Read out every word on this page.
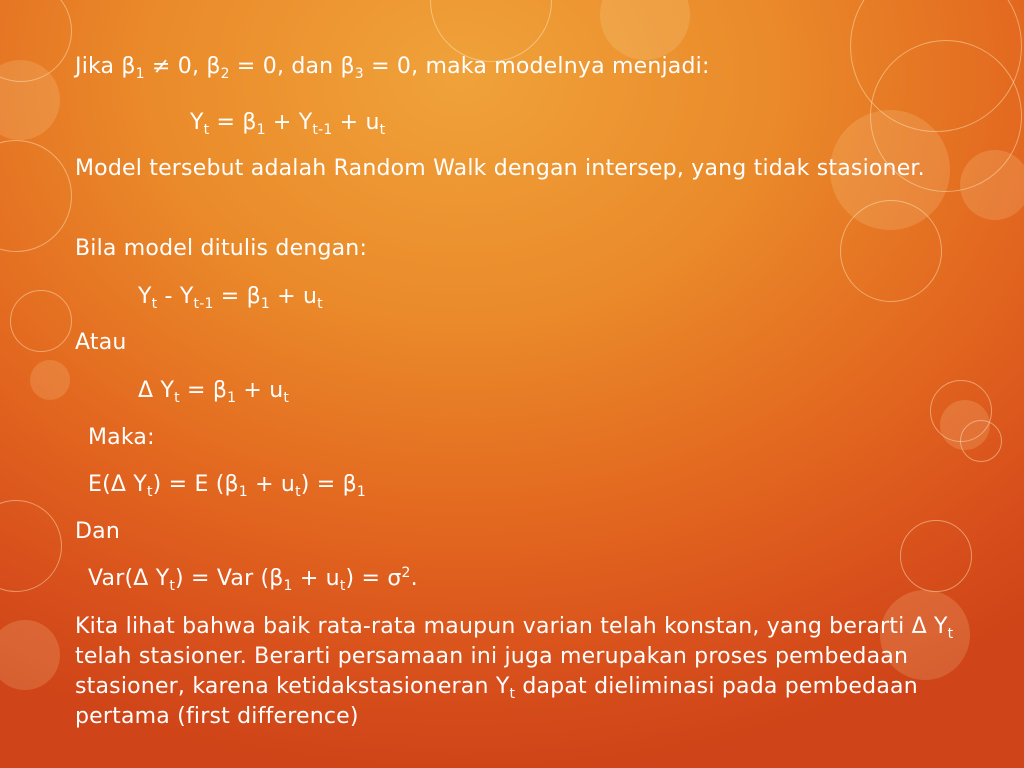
Jika $\beta_1 \ne 0$, $\beta_2 = 0$, dan $\beta_3 = 0$, maka modelnya menjadi:
$Y_t = \beta_1 + Y_{t-1} + u_t$
Model tersebut adalah Random Walk dengan intersep, yang tidak stasioner.
Bila model ditulis dengan:
$Y_t - Y_{t-1} = \beta_1 + u_t$
Atau
Δ $Y_t = \beta_1 + u_t$
Maka:
E(Δ $Y_t) = E$ $(\beta_1 + u_t) = \beta_1$
Dan
Var(Δ $Y_t$) = Var $(\beta_1 + u_t) = \sigma^2$.
Kita lihat bahwa baik rata-rata maupun varian telah konstan, yang berarti Δ $Y_t$ telah stasioner. Berarti persamaan ini juga merupakan proses pembedaan stasioner, karena ketidakstasioneran $Y_t$ dapat dieliminasi pada pembedaan pertama (first difference)
